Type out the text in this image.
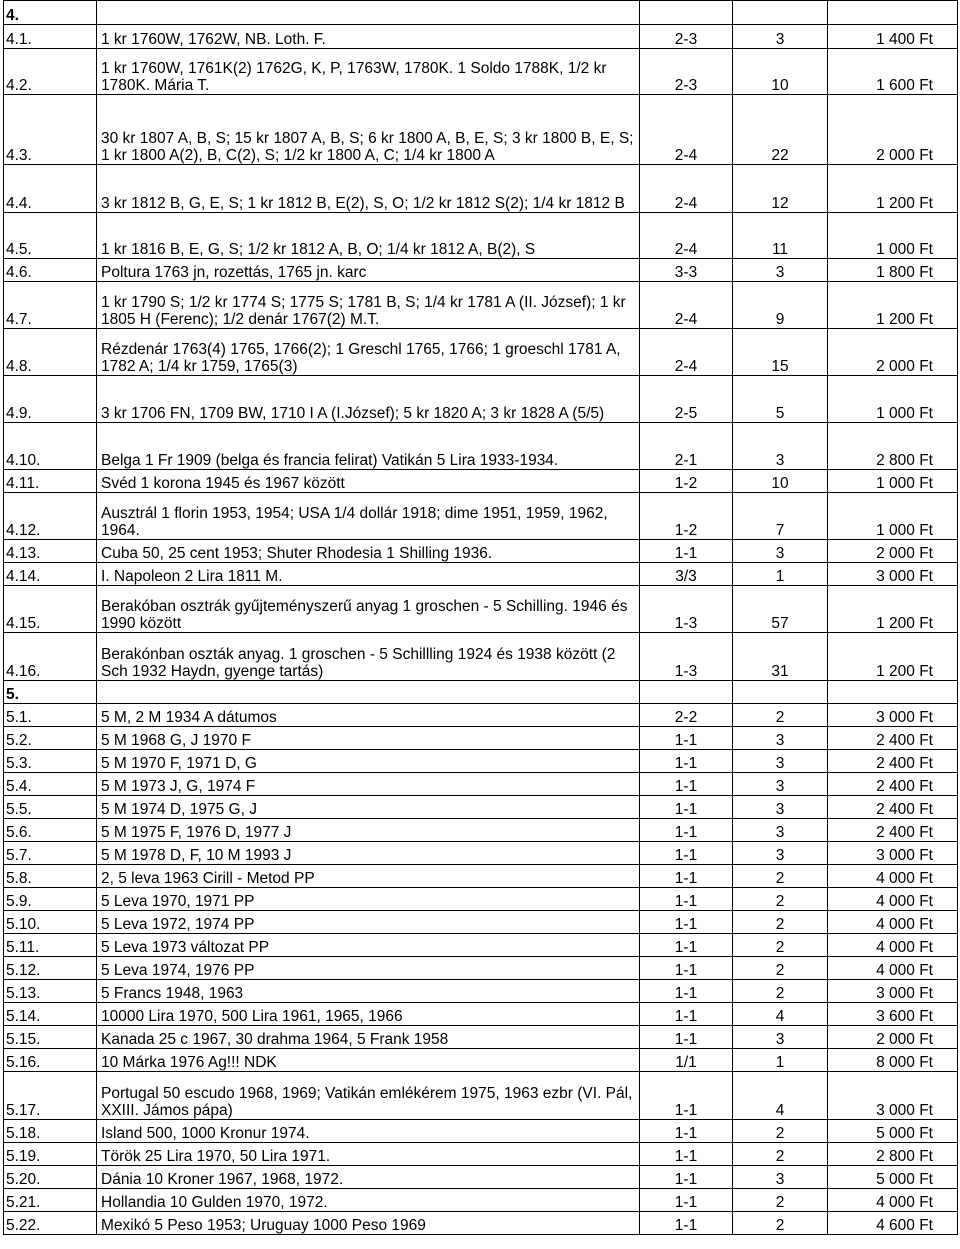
4.				
4.1.	1 kr 1760W, 1762W, NB. Loth. F.	2-3	3	1 400 Ft
4.2.	1 kr 1760W, 1761K(2) 1762G, K, P, 1763W, 1780K. 1 Soldo 1788K, 1/2 kr 1780K. Mária T.	2-3	10	1 600 Ft
4.3.	30 kr 1807 A, B, S; 15 kr 1807 A, B, S; 6 kr 1800 A, B, E, S; 3 kr 1800 B, E, S; 1 kr 1800 A(2), B, C(2), S; 1/2 kr 1800 A, C; 1/4 kr 1800 A	2-4	22	2 000 Ft
4.4.	3 kr 1812 B, G, E, S; 1 kr 1812 B, E(2), S, O; 1/2 kr 1812 S(2); 1/4 kr 1812 B	2-4	12	1 200 Ft
4.5.	1 kr 1816 B, E, G, S; 1/2 kr 1812 A, B, O; 1/4 kr 1812 A, B(2), S	2-4	11	1 000 Ft
4.6.	Poltura 1763 jn, rozettás, 1765 jn. karc	3-3	3	1 800 Ft
4.7.	1 kr 1790 S; 1/2 kr 1774 S; 1775 S; 1781 B, S; 1/4 kr 1781 A (II. József); 1 kr 1805 H (Ferenc); 1/2 denár 1767(2) M.T.	2-4	9	1 200 Ft
4.8.	Rézdenár 1763(4) 1765, 1766(2); 1 Greschl 1765, 1766; 1 groeschl 1781 A, 1782 A; 1/4 kr 1759, 1765(3)	2-4	15	2 000 Ft
4.9.	3 kr 1706 FN, 1709 BW, 1710 I A (I.József); 5 kr 1820 A; 3 kr 1828 A (5/5)	2-5	5	1 000 Ft
4.10.	Belga 1 Fr 1909 (belga és francia felirat) Vatikán 5 Lira 1933-1934.	2-1	3	2 800 Ft
4.11.	Svéd 1 korona 1945 és 1967 között	1-2	10	1 000 Ft
4.12.	Ausztrál 1 florin 1953, 1954; USA 1/4 dollár 1918; dime 1951, 1959, 1962, 1964.	1-2	7	1 000 Ft
4.13.	Cuba 50, 25 cent 1953; Shuter Rhodesia 1 Shilling 1936.	1-1	3	2 000 Ft
4.14.	I. Napoleon 2 Lira 1811 M.	3/3	1	3 000 Ft
4.15.	Berakóban osztrák gyűjteményszerű anyag 1 groschen - 5 Schilling. 1946 és 1990 között	1-3	57	1 200 Ft
4.16.	Berakónban oszták anyag. 1 groschen - 5 Schillling 1924 és 1938 között (2 Sch 1932 Haydn, gyenge tartás)	1-3	31	1 200 Ft
5.				
5.1.	5 M, 2 M 1934 A dátumos	2-2	2	3 000 Ft
5.2.	5 M 1968 G, J 1970 F	1-1	3	2 400 Ft
5.3.	5 M 1970 F, 1971 D, G	1-1	3	2 400 Ft
5.4.	5 M 1973 J, G, 1974 F	1-1	3	2 400 Ft
5.5.	5 M 1974 D, 1975 G, J	1-1	3	2 400 Ft
5.6.	5 M 1975 F, 1976 D, 1977 J	1-1	3	2 400 Ft
5.7.	5 M 1978 D, F, 10 M 1993 J	1-1	3	3 000 Ft
5.8.	2, 5 leva 1963 Cirill - Metod PP	1-1	2	4 000 Ft
5.9.	5 Leva 1970, 1971 PP	1-1	2	4 000 Ft
5.10.	5 Leva 1972, 1974 PP	1-1	2	4 000 Ft
5.11.	5 Leva 1973 változat PP	1-1	2	4 000 Ft
5.12.	5 Leva 1974, 1976 PP	1-1	2	4 000 Ft
5.13.	5 Francs 1948, 1963	1-1	2	3 000 Ft
5.14.	10000 Lira 1970, 500 Lira 1961, 1965, 1966	1-1	4	3 600 Ft
5.15.	Kanada 25 c 1967, 30 drahma 1964, 5 Frank 1958	1-1	3	2 000 Ft
5.16.	10 Márka 1976 Ag!!! NDK	1/1	1	8 000 Ft
5.17.	Portugal 50 escudo 1968, 1969; Vatikán emlékérem 1975, 1963 ezbr (VI. Pál, XXIII. Jámos pápa)	1-1	4	3 000 Ft
5.18.	Island 500, 1000 Kronur 1974.	1-1	2	5 000 Ft
5.19.	Török 25 Lira 1970, 50 Lira 1971.	1-1	2	2 800 Ft
5.20.	Dánia 10 Kroner 1967, 1968, 1972.	1-1	3	5 000 Ft
5.21.	Hollandia 10 Gulden 1970, 1972.	1-1	2	4 000 Ft
5.22.	Mexikó 5 Peso 1953; Uruguay 1000 Peso 1969	1-1	2	4 600 Ft
